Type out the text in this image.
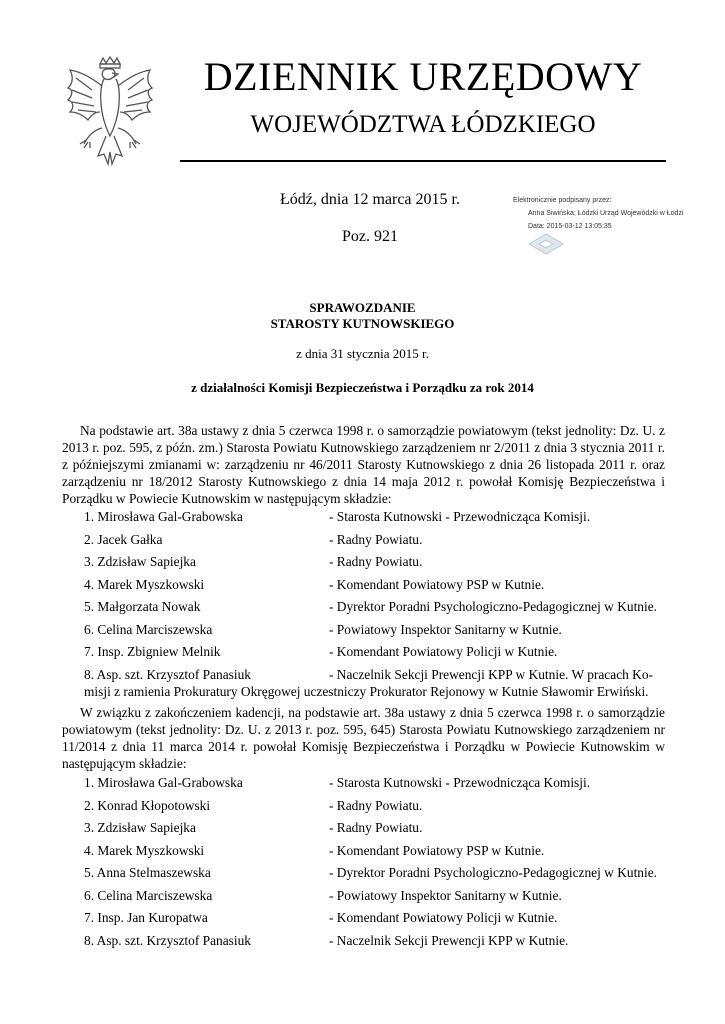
DZIENNIK URZĘDOWY
WOJEWÓDZTWA ŁÓDZKIEGO
Łódź, dnia 12 marca 2015 r.
Poz. 921
Elektronicznie podpisany przez:
Anna Siwińska; Łódzki Urząd Wojewódzki w Łodzi
Data: 2015-03-12 13:05:35
SPRAWOZDANIE
STAROSTY KUTNOWSKIEGO
z dnia 31 stycznia 2015 r.
z działalności Komisji Bezpieczeństwa i Porządku za rok 2014
Na podstawie art. 38a ustawy z dnia 5 czerwca 1998 r. o samorządzie powiatowym (tekst jednolity: Dz. U. z 2013 r. poz. 595, z późn. zm.) Starosta Powiatu Kutnowskiego zarządzeniem nr 2/2011 z dnia 3 stycznia 2011 r. z późniejszymi zmianami w: zarządzeniu nr 46/2011 Starosty Kutnowskiego z dnia 26 listopada 2011 r. oraz zarządzeniu nr 18/2012 Starosty Kutnowskiego z dnia 14 maja 2012 r. powołał Komisję Bezpieczeństwa i Porządku w Powiecie Kutnowskim w następującym składzie:
1. Mirosława Gal-Grabowska	- Starosta Kutnowski - Przewodnicząca Komisji.
2. Jacek Gałka	- Radny Powiatu.
3. Zdzisław Sapiejka	- Radny Powiatu.
4. Marek Myszkowski	- Komendant Powiatowy PSP w Kutnie.
5. Małgorzata Nowak	- Dyrektor Poradni Psychologiczno-Pedagogicznej w Kutnie.
6. Celina Marciszewska	- Powiatowy Inspektor Sanitarny w Kutnie.
7. Insp. Zbigniew Melnik	- Komendant Powiatowy Policji w Kutnie.
8. Asp. szt. Krzysztof Panasiuk	- Naczelnik Sekcji Prewencji KPP w Kutnie. W pracach Ko-
misji z ramienia Prokuratury Okręgowej uczestniczy Prokurator Rejonowy w Kutnie Sławomir Erwiński.
W związku z zakończeniem kadencji, na podstawie art. 38a ustawy z dnia 5 czerwca 1998 r. o samorządzie powiatowym (tekst jednolity: Dz. U. z 2013 r. poz. 595, 645) Starosta Powiatu Kutnowskiego zarządzeniem nr 11/2014 z dnia 11 marca 2014 r. powołał Komisję Bezpieczeństwa i Porządku w Powiecie Kutnowskim w następującym składzie:
1. Mirosława Gal-Grabowska	- Starosta Kutnowski - Przewodnicząca Komisji.
2. Konrad Kłopotowski	- Radny Powiatu.
3. Zdzisław Sapiejka	- Radny Powiatu.
4. Marek Myszkowski	- Komendant Powiatowy PSP w Kutnie.
5. Anna Stelmaszewska	- Dyrektor Poradni Psychologiczno-Pedagogicznej w Kutnie.
6. Celina Marciszewska	- Powiatowy Inspektor Sanitarny w Kutnie.
7. Insp. Jan Kuropatwa	- Komendant Powiatowy Policji w Kutnie.
8. Asp. szt. Krzysztof Panasiuk	- Naczelnik Sekcji Prewencji KPP w Kutnie.
